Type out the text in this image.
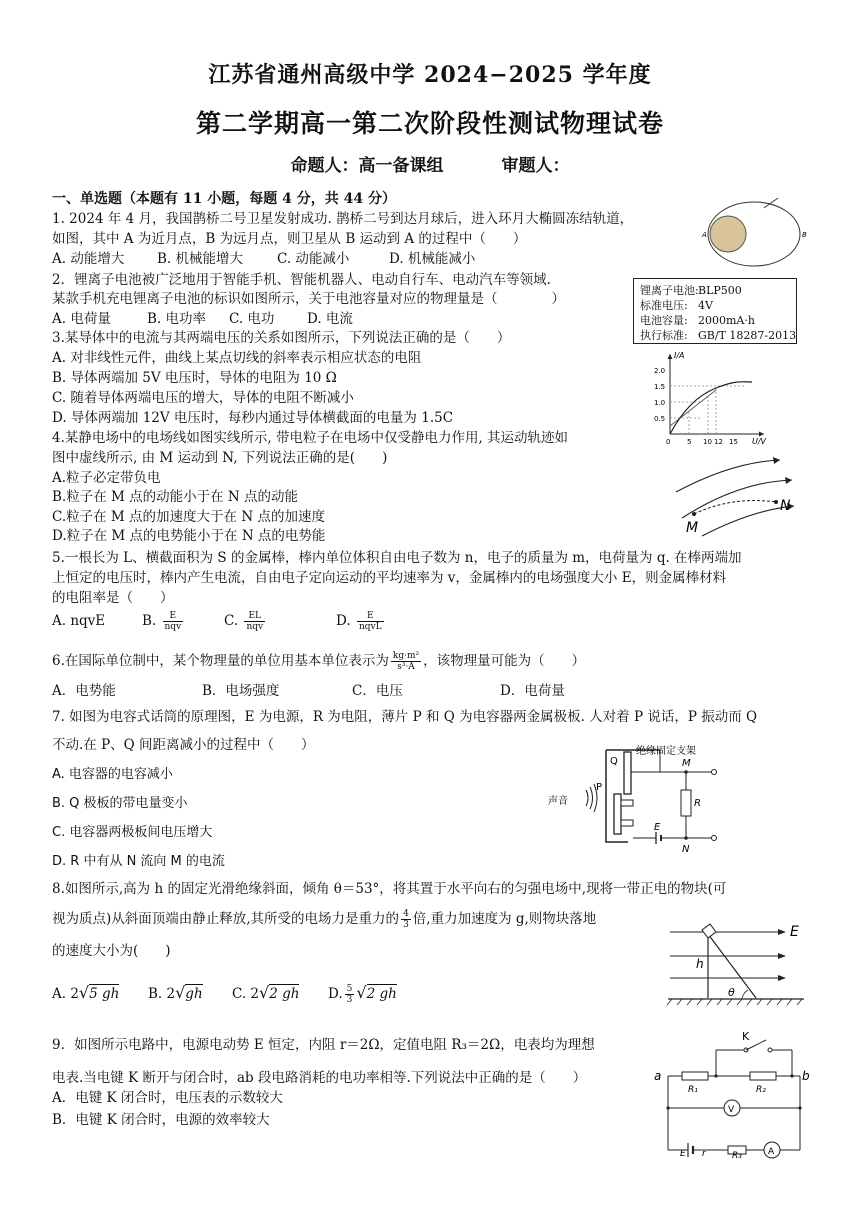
江苏省通州高级中学 2024−2025 学年度
第二学期高一第二次阶段性测试物理试卷
命题人：高一备课组	审题人：
一、单选题（本题有 11 小题，每题 4 分，共 44 分）
1. 2024 年 4 月，我国鹊桥二号卫星发射成功. 鹊桥二号到达月球后，进入环月大椭圆冻结轨道，
如图，其中 A 为近月点，B 为远月点，则卫星从 B 运动到 A 的过程中（　　）
A. 动能增大 B. 机械能增大	C. 动能减小	D. 机械能减小
A	B
2．锂离子电池被广泛地用于智能手机、智能机器人、电动自行车、电动汽车等领域.
某款手机充电锂离子电池的标识如图所示，关于电池容量对应的物理量是（　　　　）
A. 电荷量	B. 电功率 C. 电功 D. 电流
锂离子电池:BLP500
标准电压: 4V
电池容量: 2000mA·h
执行标准: GB/T 18287-2013
3.某导体中的电流与其两端电压的关系如图所示，下列说法正确的是（　　）
A. 对非线性元件，曲线上某点切线的斜率表示相应状态的电阻
B. 导体两端加 5V 电压时，导体的电阻为 10 Ω
C. 随着导体两端电压的增大，导体的电阻不断减小
D. 导体两端加 12V 电压时，每秒内通过导体横截面的电量为 1.5C
I/A
U/V
2.0
1.5
1.0
0.5
0 5 10 12 15
4.某静电场中的电场线如图实线所示, 带电粒子在电场中仅受静电力作用, 其运动轨迹如
图中虚线所示, 由 M 运动到 N, 下列说法正确的是(　　)
A.粒子必定带负电
B.粒子在 M 点的动能小于在 N 点的动能
C.粒子在 M 点的加速度大于在 N 点的加速度
D.粒子在 M 点的电势能小于在 N 点的电势能	M
N
5.一根长为 L、横截面积为 S 的金属棒，棒内单位体积自由电子数为 n，电子的质量为 m，电荷量为 q. 在棒两端加
上恒定的电压时，棒内产生电流，自由电子定向运动的平均速率为 v，金属棒内的电场强度大小 E，则金属棒材料
的电阻率是（　　）
A. nqvE	B. $\frac{E}{\text{nqv}}$	C. $\frac{EL}{\text{nqv}}$	D. $\frac{E}{\text{nqvL}}$
6.在国际单位制中，某个物理量的单位用基本单位表示为 $\frac{\text{kg·m²}}{\text{s³·A}}$ ，该物理量可能为（　　）
A．电势能	B．电场强度	C．电压	D．电荷量
7. 如图为电容式话筒的原理图，E 为电源，R 为电阻，薄片 P 和 Q 为电容器两金属极板. 人对着 P 说话，P 振动而 Q
不动.在 P、Q 间距离减小的过程中（　　）
A. 电容器的电容减小
B. Q 极板的带电量变小
C. 电容器两极板间电压增大
D. R 中有从 N 流向 M 的电流
绝缘固定支架
声音
Q
P
M
R
E
N
8.如图所示,高为 h 的固定光滑绝缘斜面，倾角 θ＝53°，将其置于水平向右的匀强电场中,现将一带正电的物块(可
视为质点)从斜面顶端由静止释放,其所受的电场力是重力的 $\frac{4}{3}$ 倍,重力加速度为 g,则物块落地
的速度大小为(　　)
A. 2√5 gh B. 2√gh C. 2√2 gh D. $\frac{5}{3} √2$ gh
E
h
θ
9．如图所示电路中，电源电动势 E 恒定，内阻 r＝2Ω，定值电阻 R₃＝2Ω，电表均为理想
电表.当电键 K 断开与闭合时，ab 段电路消耗的电功率相等.下列说法中正确的是（　　）
A．电键 K 闭合时，电压表的示数较大
B．电键 K 闭合时，电源的效率较大
K
a	b
R₁	R₂
V
A
E r	R₃
